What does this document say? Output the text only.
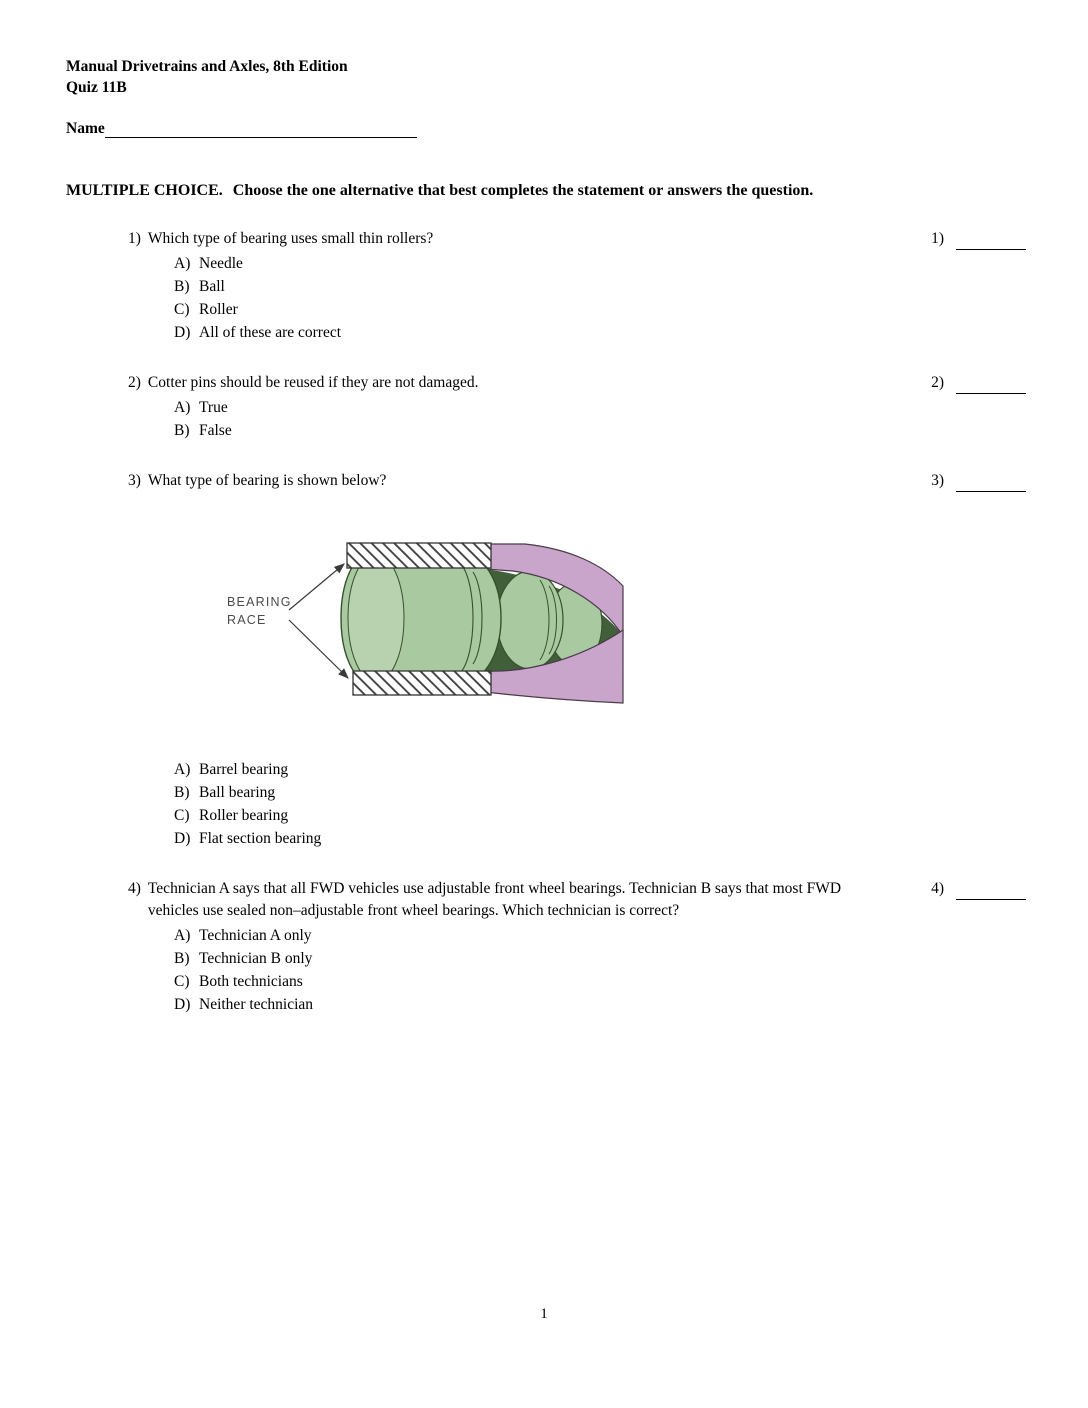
Manual Drivetrains and Axles, 8th Edition
Quiz 11B
Name
MULTIPLE CHOICE. Choose the one alternative that best completes the statement or answers the question.
1) Which type of bearing uses small thin rollers?	1)
A) Needle
B) Ball
C) Roller
D) All of these are correct
2) Cotter pins should be reused if they are not damaged.	2)
A) True
B) False
3) What type of bearing is shown below?	3)
BEARING
RACE
A) Barrel bearing
B) Ball bearing
C) Roller bearing
D) Flat section bearing
4) Technician A says that all FWD vehicles use adjustable front wheel bearings. Technician B says that most FWD vehicles use sealed non–adjustable front wheel bearings. Which technician is correct?
4)
A) Technician A only
B) Technician B only
C) Both technicians
D) Neither technician
1
